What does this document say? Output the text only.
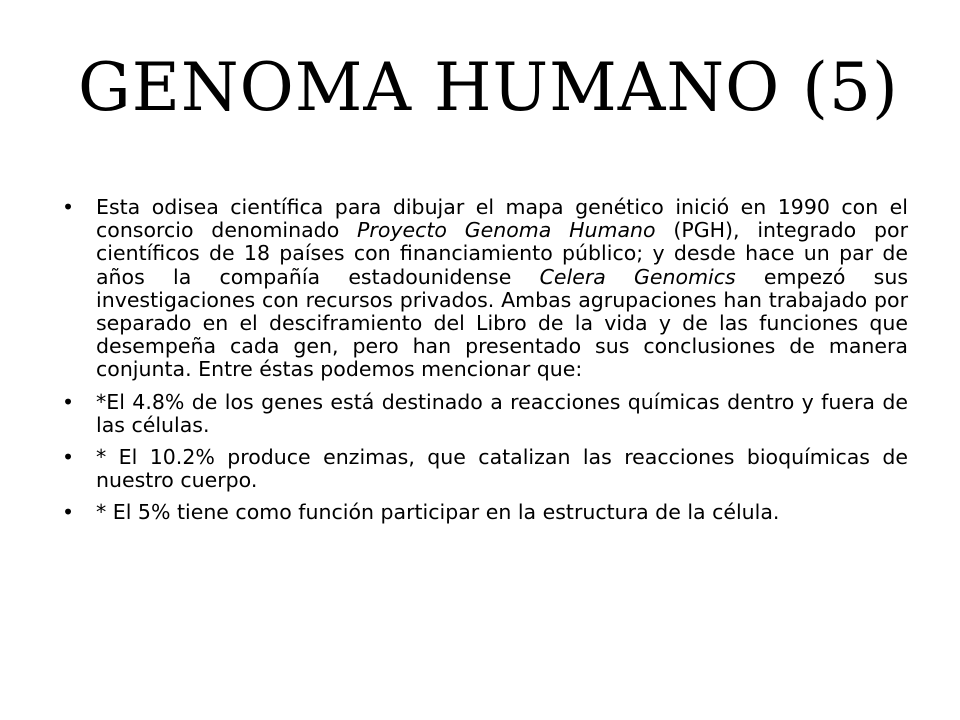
GENOMA HUMANO (5)
• Esta odisea científica para dibujar el mapa genético inició en 1990 con el consorcio denominado Proyecto Genoma Humano (PGH), integrado por científicos de 18 países con financiamiento público; y desde hace un par de años la compañía estadounidense Celera Genomics empezó sus investigaciones con recursos privados. Ambas agrupaciones han trabajado por separado en el desciframiento del Libro de la vida y de las funciones que desempeña cada gen, pero han presentado sus conclusiones de manera conjunta. Entre éstas podemos mencionar que:
• *El 4.8% de los genes está destinado a reacciones químicas dentro y fuera de las células.
• * El 10.2% produce enzimas, que catalizan las reacciones bioquímicas de nuestro cuerpo.
• * El 5% tiene como función participar en la estructura de la célula.
